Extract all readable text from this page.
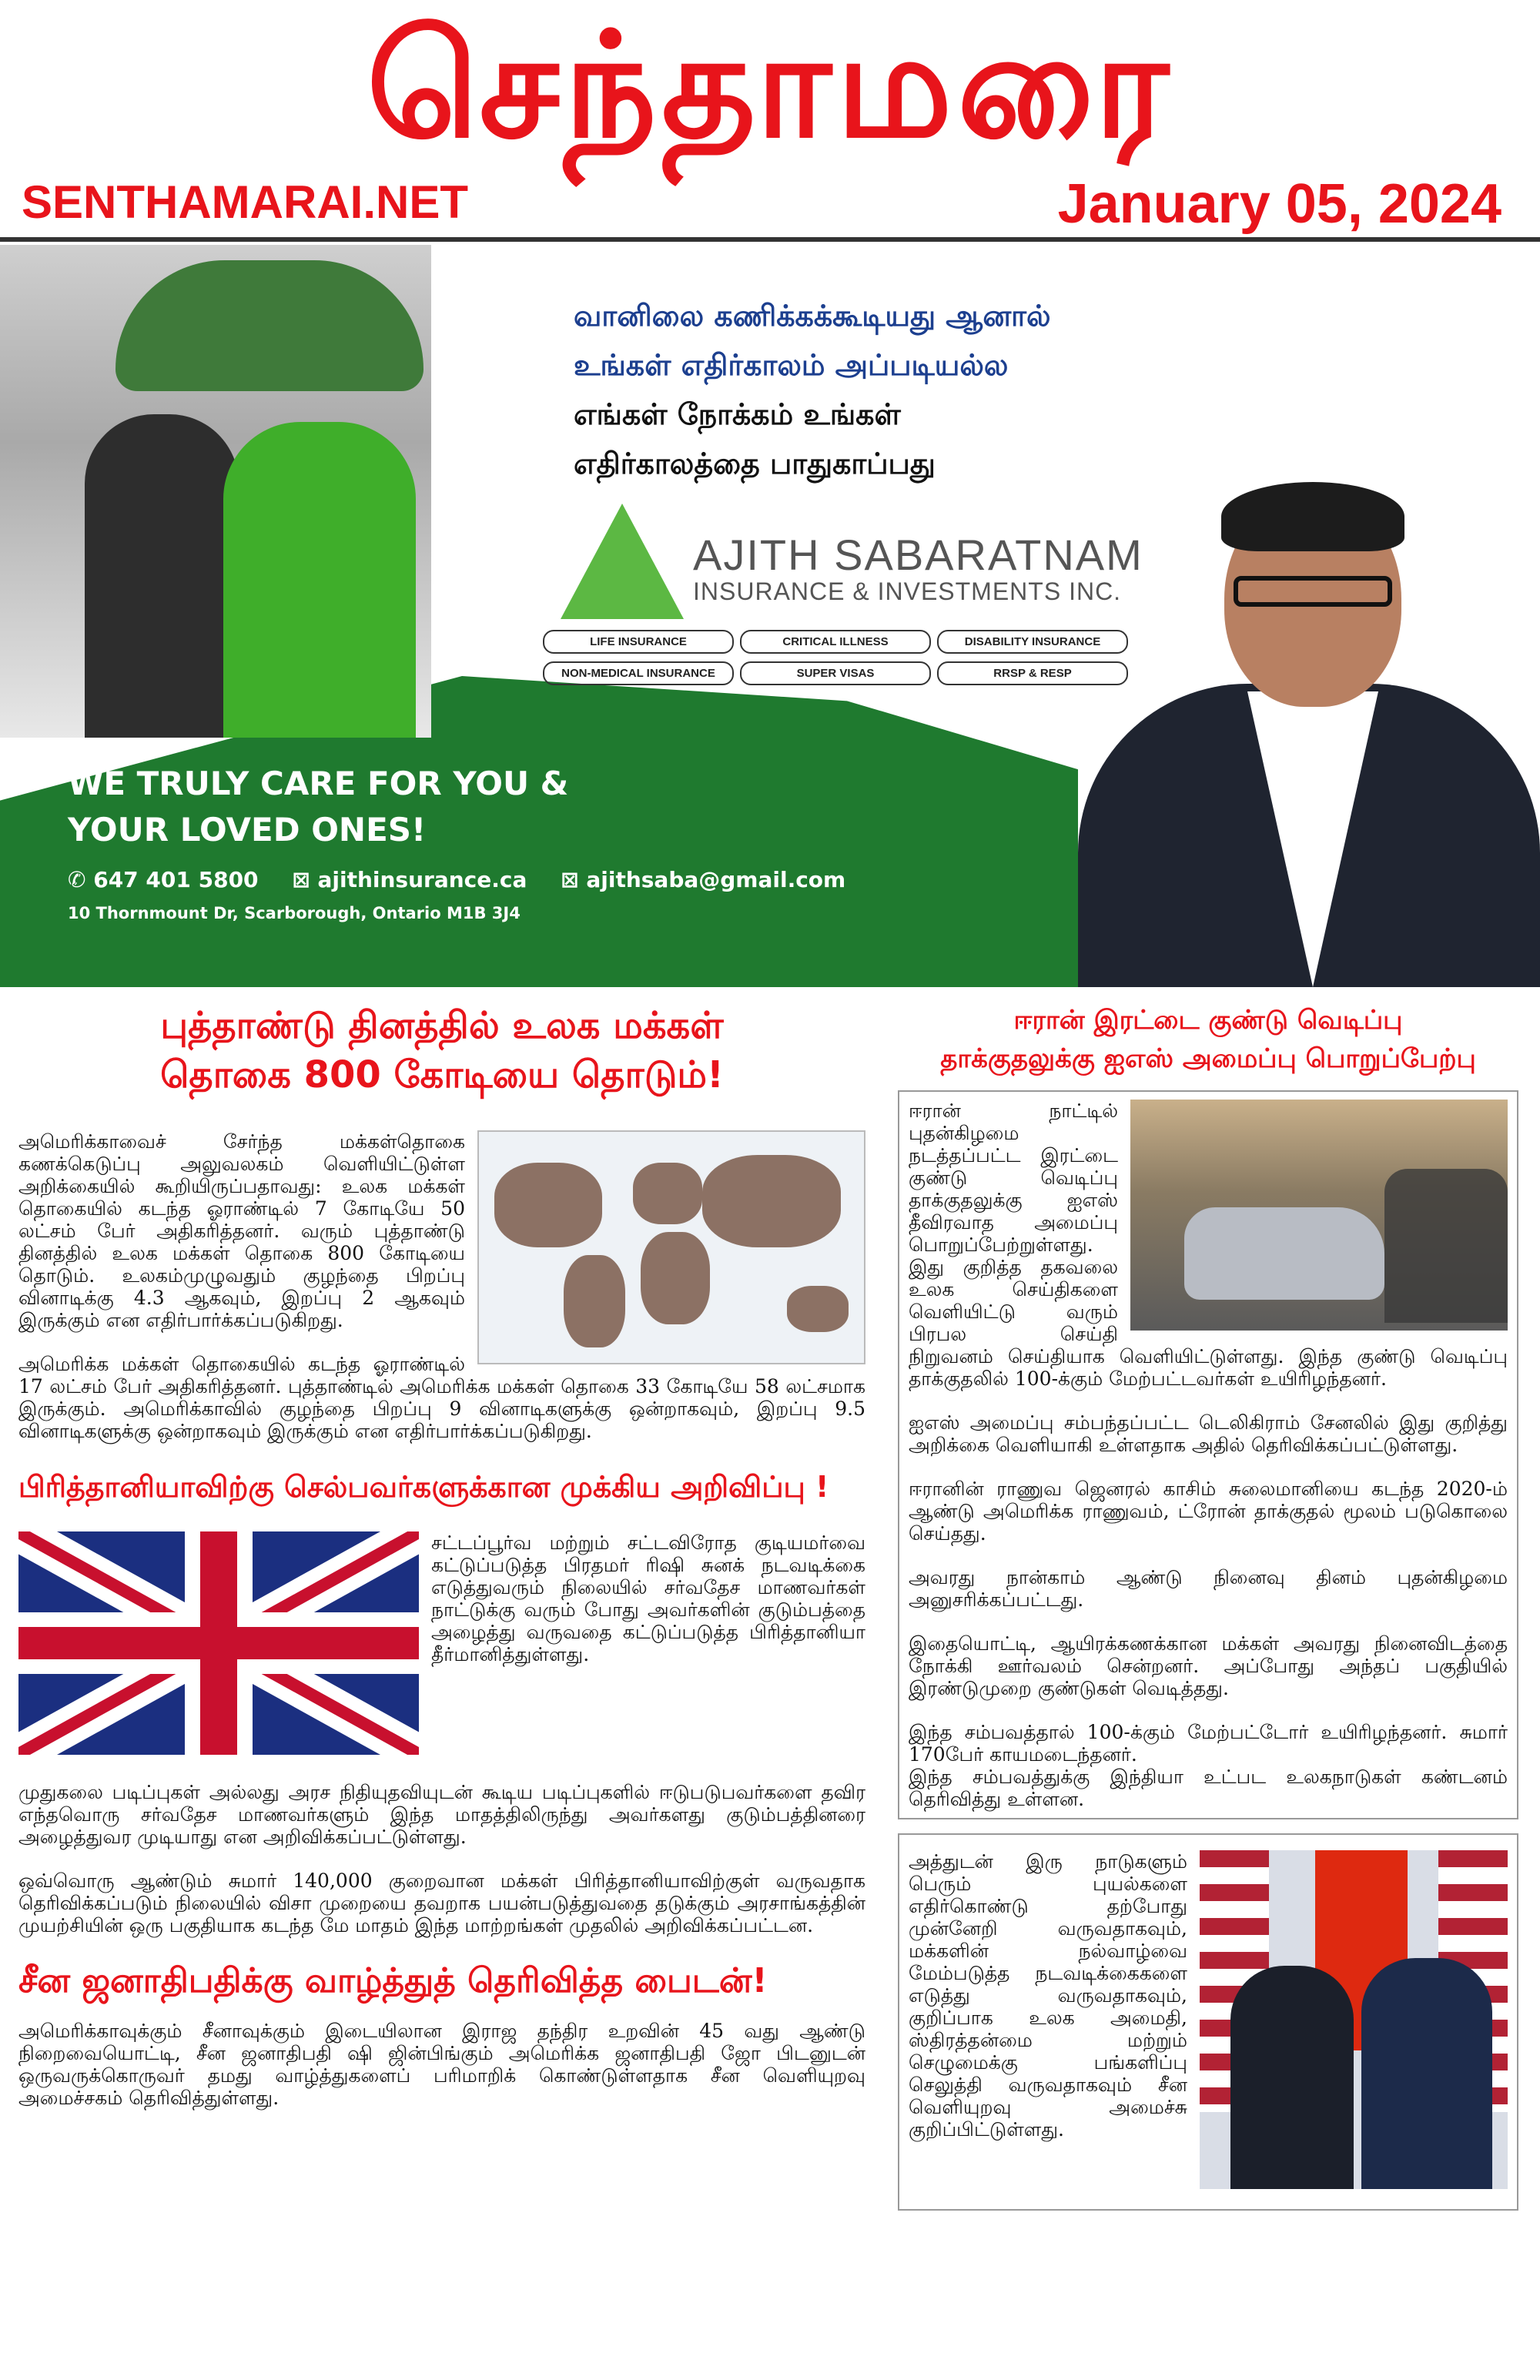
செந்தாமரை
SENTHAMARAI.NET	January 05, 2024
வானிலை கணிக்கக்கூடியது ஆனால்
உங்கள் எதிர்காலம் அப்படியல்ல
எங்கள் நோக்கம் உங்கள்
எதிர்காலத்தை பாதுகாப்பது
AJITH SABARATNAM
INSURANCE & INVESTMENTS INC.
LIFE INSURANCE	CRITICAL ILLNESS	DISABILITY INSURANCE
NON-MEDICAL INSURANCE	SUPER VISAS	RRSP & RESP
WE TRULY CARE FOR YOU &
YOUR LOVED ONES!
✆ 647 401 5800 ⊠ ajithinsurance.ca ⊠ ajithsaba@gmail.com
10 Thornmount Dr, Scarborough, Ontario M1B 3J4
புத்தாண்டு தினத்தில் உலக மக்கள்
தொகை 800 கோடியை தொடும்!

அமெரிக்காவைச் சேர்ந்த மக்கள்தொகை கணக்கெடுப்பு அலுவலகம் வெளியிட்டுள்ள அறிக்கையில் கூறியிருப்பதாவது: உலக மக்கள் தொகையில் கடந்த ஓராண்டில் 7 கோடியே 50 லட்சம் பேர் அதிகரித்தனர். வரும் புத்தாண்டு தினத்தில் உலக மக்கள் தொகை 800 கோடியை தொடும். உலகம்முழுவதும் குழந்தை பிறப்பு வினாடிக்கு 4.3 ஆகவும், இறப்பு 2 ஆகவும் இருக்கும் என எதிர்பார்க்கப்படுகிறது.

அமெரிக்க மக்கள் தொகையில் கடந்த ஓராண்டில் 17 லட்சம் பேர் அதிகரித்தனர். புத்தாண்டில் அமெரிக்க மக்கள் தொகை 33 கோடியே 58 லட்சமாக இருக்கும். அமெரிக்காவில் குழந்தை பிறப்பு 9 வினாடிகளுக்கு ஒன்றாகவும், இறப்பு 9.5 வினாடிகளுக்கு ஒன்றாகவும் இருக்கும் என எதிர்பார்க்கப்படுகிறது.

பிரித்தானியாவிற்கு செல்பவர்களுக்கான முக்கிய அறிவிப்பு !

சட்டப்பூர்வ மற்றும் சட்டவிரோத குடியமர்வை கட்டுப்படுத்த பிரதமர் ரிஷி சுனக் நடவடிக்கை எடுத்துவரும் நிலையில் சர்வதேச மாணவர்கள் நாட்டுக்கு வரும் போது அவர்களின் குடும்பத்தை அழைத்து வருவதை கட்டுப்படுத்த பிரித்தானியா தீர்மானித்துள்ளது.

முதுகலை படிப்புகள் அல்லது அரச நிதியுதவியுடன் கூடிய படிப்புகளில் ஈடுபடுபவர்களை தவிர எந்தவொரு சர்வதேச மாணவர்களும் இந்த மாதத்திலிருந்து அவர்களது குடும்பத்தினரை அழைத்துவர முடியாது என அறிவிக்கப்பட்டுள்ளது.

ஒவ்வொரு ஆண்டும் சுமார் 140,000 குறைவான மக்கள் பிரித்தானியாவிற்குள் வருவதாக தெரிவிக்கப்படும் நிலையில் விசா முறையை தவறாக பயன்படுத்துவதை தடுக்கும் அரசாங்கத்தின் முயற்சியின் ஒரு பகுதியாக கடந்த மே மாதம் இந்த மாற்றங்கள் முதலில் அறிவிக்கப்பட்டன.

சீன ஜனாதிபதிக்கு வாழ்த்துத் தெரிவித்த பைடன்!

அமெரிக்காவுக்கும் சீனாவுக்கும் இடையிலான இராஜ தந்திர உறவின் 45 வது ஆண்டு நிறைவையொட்டி, சீன ஜனாதிபதி ஷி ஜின்பிங்கும் அமெரிக்க ஜனாதிபதி ஜோ பிடனுடன் ஒருவருக்கொருவர் தமது வாழ்த்துகளைப் பரிமாறிக் கொண்டுள்ளதாக சீன வெளியுறவு அமைச்சகம் தெரிவித்துள்ளது.

ஈரான் இரட்டை குண்டு வெடிப்பு
தாக்குதலுக்கு ஐஎஸ் அமைப்பு பொறுப்பேற்பு

ஈரான் நாட்டில் புதன்கிழமை நடத்தப்பட்ட இரட்டை குண்டு வெடிப்பு தாக்குதலுக்கு ஐஎஸ் தீவிரவாத அமைப்பு பொறுப்பேற்றுள்ளது. இது குறித்த தகவலை உலக செய்திகளை வெளியிட்டு வரும் பிரபல செய்தி நிறுவனம் செய்தியாக வெளியிட்டுள்ளது. இந்த குண்டு வெடிப்பு தாக்குதலில் 100-க்கும் மேற்பட்டவர்கள் உயிரிழந்தனர்.

ஐஎஸ் அமைப்பு சம்பந்தப்பட்ட டெலிகிராம் சேனலில் இது குறித்து அறிக்கை வெளியாகி உள்ளதாக அதில் தெரிவிக்கப்பட்டுள்ளது.

ஈரானின் ராணுவ ஜெனரல் காசிம் சுலைமானியை கடந்த 2020-ம் ஆண்டு அமெரிக்க ராணுவம், ட்ரோன் தாக்குதல் மூலம் படுகொலை செய்தது.

அவரது நான்காம் ஆண்டு நினைவு தினம் புதன்கிழமை அனுசரிக்கப்பட்டது.

இதையொட்டி, ஆயிரக்கணக்கான மக்கள் அவரது நினைவிடத்தை நோக்கி ஊர்வலம் சென்றனர். அப்போது அந்தப் பகுதியில் இரண்டுமுறை குண்டுகள் வெடித்தது.

இந்த சம்பவத்தால் 100-க்கும் மேற்பட்டோர் உயிரிழந்தனர். சுமார் 170பேர் காயமடைந்தனர்.

இந்த சம்பவத்துக்கு இந்தியா உட்பட உலகநாடுகள் கண்டனம் தெரிவித்து உள்ளன.

அத்துடன் இரு நாடுகளும் பெரும் புயல்களை எதிர்கொண்டு தற்போது முன்னேறி வருவதாகவும், மக்களின் நல்வாழ்வை மேம்படுத்த நடவடிக்கைகளை எடுத்து வருவதாகவும், குறிப்பாக உலக அமைதி, ஸ்திரத்தன்மை மற்றும் செழுமைக்கு பங்களிப்பு செலுத்தி வருவதாகவும் சீன வெளியுறவு அமைச்சு குறிப்பிட்டுள்ளது.
